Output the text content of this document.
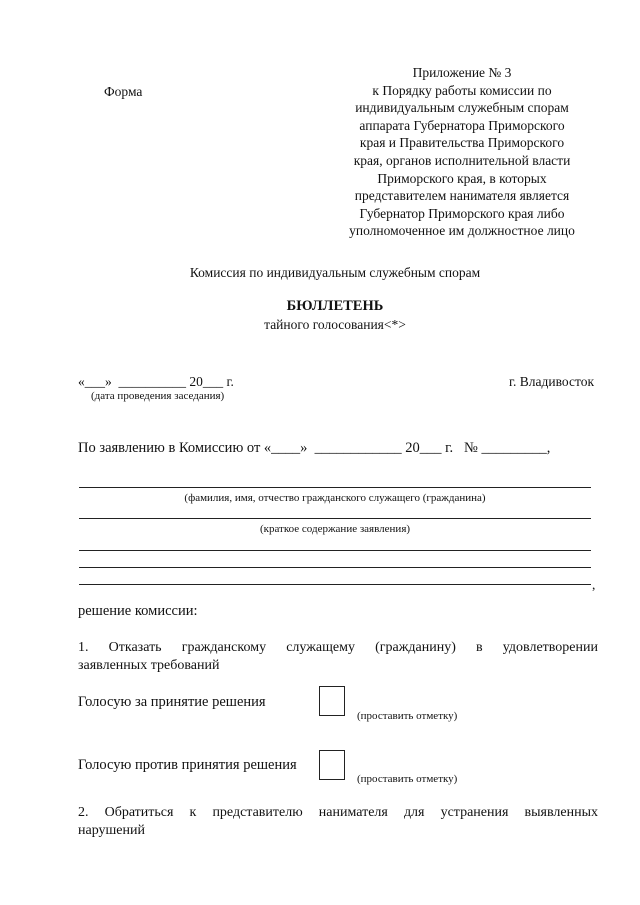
Форма
Приложение № 3
к Порядку работы комиссии по
индивидуальным служебным спорам
аппарата Губернатора Приморского
края и Правительства Приморского
края, органов исполнительной власти
Приморского края, в которых
представителем нанимателя является
Губернатор Приморского края либо
уполномоченное им должностное лицо
Комиссия по индивидуальным служебным спорам
БЮЛЛЕТЕНЬ
тайного голосования<*>
«___»  __________ 20___ г.
(дата проведения заседания)
г. Владивосток
По заявлению в Комиссию от «____»  ____________ 20___ г.   № _________,
(фамилия, имя, отчество гражданского служащего (гражданина)
(краткое содержание заявления)
,
решение комиссии:
1. Отказать гражданскому служащему (гражданину) в удовлетворении
заявленных требований
Голосую за принятие решения
(проставить отметку)
Голосую против принятия решения
(проставить отметку)
2. Обратиться к представителю нанимателя для устранения выявленных
нарушений
